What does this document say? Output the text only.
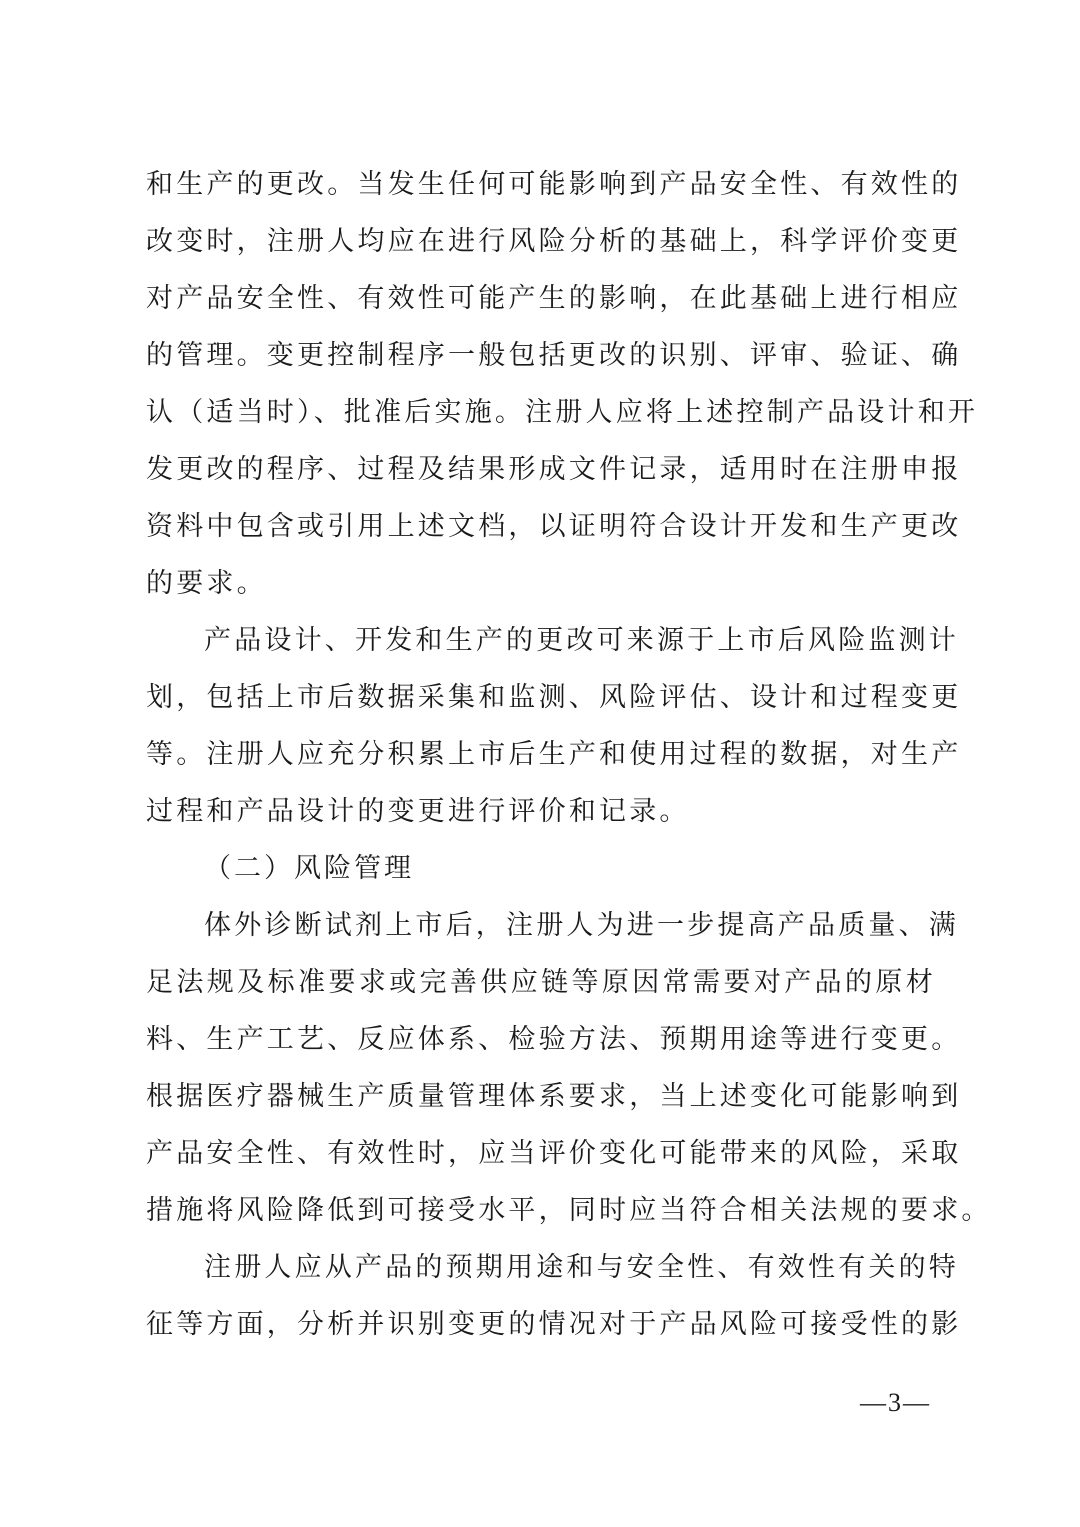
和生产的更改。当发生任何可能影响到产品安全性、有效性的
改变时，注册人均应在进行风险分析的基础上，科学评价变更
对产品安全性、有效性可能产生的影响，在此基础上进行相应
的管理。变更控制程序一般包括更改的识别、评审、验证、确
认（适当时）、批准后实施。注册人应将上述控制产品设计和开
发更改的程序、过程及结果形成文件记录，适用时在注册申报
资料中包含或引用上述文档，以证明符合设计开发和生产更改
的要求。
产品设计、开发和生产的更改可来源于上市后风险监测计
划，包括上市后数据采集和监测、风险评估、设计和过程变更
等。注册人应充分积累上市后生产和使用过程的数据，对生产
过程和产品设计的变更进行评价和记录。
（二）风险管理
体外诊断试剂上市后，注册人为进一步提高产品质量、满
足法规及标准要求或完善供应链等原因常需要对产品的原材
料、生产工艺、反应体系、检验方法、预期用途等进行变更。
根据医疗器械生产质量管理体系要求，当上述变化可能影响到
产品安全性、有效性时，应当评价变化可能带来的风险，采取
措施将风险降低到可接受水平，同时应当符合相关法规的要求。
注册人应从产品的预期用途和与安全性、有效性有关的特
征等方面，分析并识别变更的情况对于产品风险可接受性的影
—3—
